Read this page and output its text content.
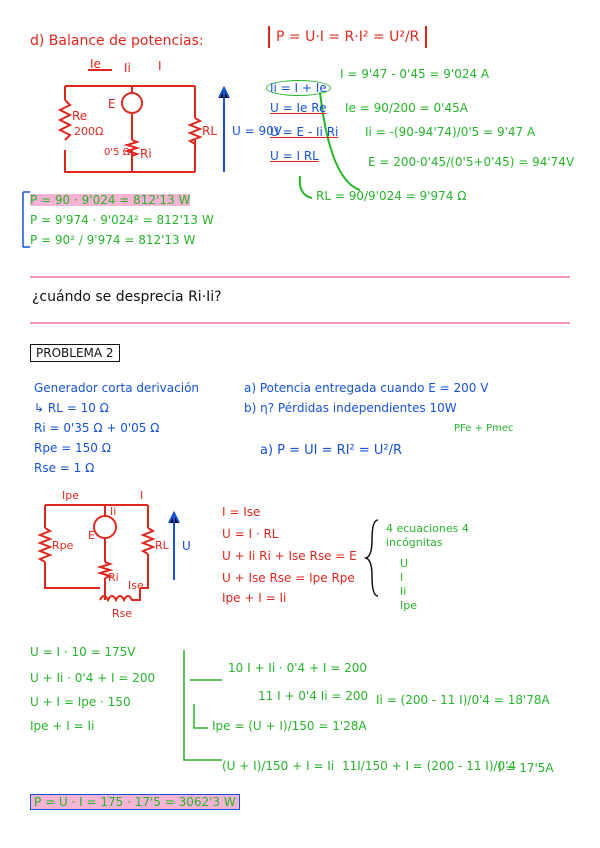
d) Balance de potencias:	P = U·I = R·I² = U²/R
Ie Ii I
Re
200Ω
E
Ri
0'5 Ω
RL U = 90V
Ii = I + Ie
I = 9'47 - 0'45 = 9'024 A
U = Ie Re Ie = 90/200 = 0'45A
U = E - Ii Ri Ii = -(90-94'74)/0'5 = 9'47 A
U = I RL	E = 200·0'45/(0'5+0'45) = 94'74V
RL = 90/9'024 = 9'974 Ω
P = 90 · 9'024 = 812'13 W
P = 9'974 · 9'024² = 812'13 W
P = 90² / 9'974 = 812'13 W
¿cuándo se desprecia Ri·Ii?
PROBLEMA 2
Generador corta derivación
↳ RL = 10 Ω
Ri = 0'35 Ω + 0'05 Ω
Rpe = 150 Ω
Rse = 1 Ω
a) Potencia entregada cuando E = 200 V
b) η? Pérdidas independientes 10W
PFe + Pmec
a) P = UI = RI² = U²/R
Ipe	I
Ii
Rpe
E
RL U
Ri
Ise
Rse
I = Ise
U = I · RL
U + Ii Ri + Ise Rse = E
U + Ise Rse = Ipe Rpe
Ipe + I = Ii
4 ecuaciones 4 incógnitas
U
I
Ii
Ipe
U = I · 10 = 175V
U + Ii · 0'4 + I = 200
U + I = Ipe · 150
Ipe + I = Ii
10 I + Ii · 0'4 + I = 200
11 I + 0'4 Ii = 200 Ii = (200 - 11 I)/0'4 = 18'78A
Ipe = (U + I)/150 = 1'28A
(U + I)/150 + I = Ii 11I/150 + I = (200 - 11 I)/0'4
I = 17'5A
P = U · I = 175 · 17'5 = 3062'3 W
